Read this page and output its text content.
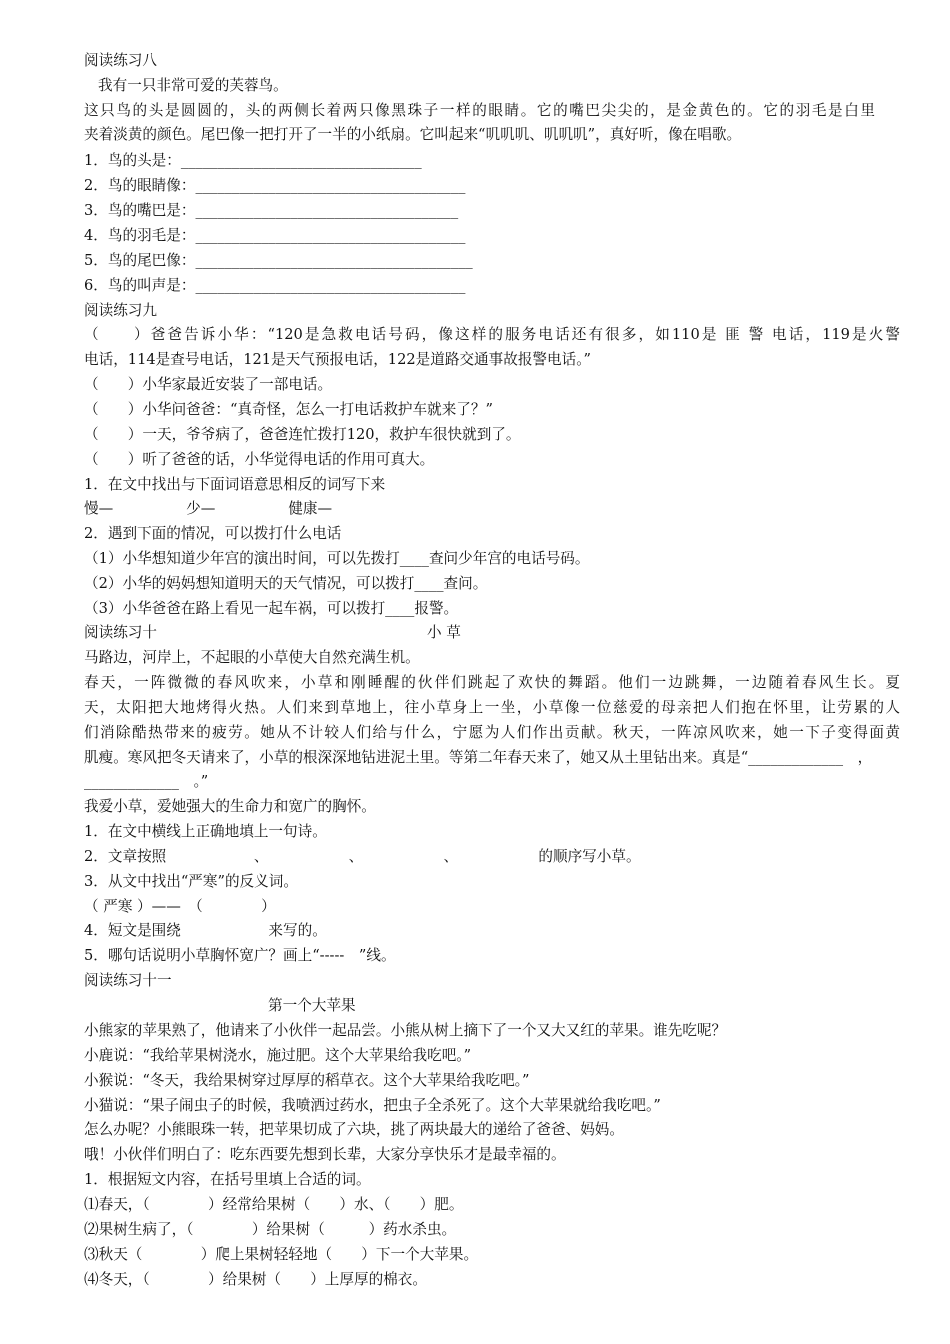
阅读练习八
我有一只非常可爱的芙蓉鸟。
这只鸟的头是圆圆的，头的两侧长着两只像黑珠子一样的眼睛。它的嘴巴尖尖的，是金黄色的。它的羽毛是白里
夹着淡黄的颜色。尾巴像一把打开了一半的小纸扇。它叫起来“叽叽叽、叽叽叽”，真好听，像在唱歌。
1．鸟的头是：_________________________________
2．鸟的眼睛像：_____________________________________
3．鸟的嘴巴是：____________________________________
4．鸟的羽毛是：_____________________________________
5．鸟的尾巴像：______________________________________
6．鸟的叫声是：_____________________________________
阅读练习九
（　　）爸爸告诉小华：“120是急救电话号码，像这样的服务电话还有很多，如110是 匪 警 电话，119是火警
电话，114是查号电话，121是天气预报电话，122是道路交通事故报警电话。”
（　　）小华家最近安装了一部电话。
（　　）小华问爸爸：“真奇怪，怎么一打电话救护车就来了？”
（　　）一天，爷爷病了，爸爸连忙拨打120，救护车很快就到了。
（　　）听了爸爸的话，小华觉得电话的作用可真大。
1．在文中找出与下面词语意思相反的词写下来
慢—　　　　　少—　　　　　健康—
2．遇到下面的情况，可以拨打什么电话
（1）小华想知道少年宫的演出时间，可以先拨打____查问少年宫的电话号码。
（2）小华的妈妈想知道明天的天气情况，可以拨打____查问。
（3）小华爸爸在路上看见一起车祸，可以拨打____报警。
阅读练习十	小 草
马路边，河岸上，不起眼的小草使大自然充满生机。
春天，一阵微微的春风吹来，小草和刚睡醒的伙伴们跳起了欢快的舞蹈。他们一边跳舞，一边随着春风生长。夏
天，太阳把大地烤得火热。人们来到草地上，往小草身上一坐，小草像一位慈爱的母亲把人们抱在怀里，让劳累的人
们消除酷热带来的疲劳。她从不计较人们给与什么，宁愿为人们作出贡献。秋天，一阵凉风吹来，她一下子变得面黄
肌瘦。寒风把冬天请来了，小草的根深深地钻进泥土里。等第二年春天来了，她又从土里钻出来。真是“_____________　，
_____________　。”
我爱小草，爱她强大的生命力和宽广的胸怀。
1．在文中横线上正确地填上一句诗。
2．文章按照　　　　　　、　　　　　　、　　　　　　、　　　　　　的顺序写小草。
3．从文中找出“严寒”的反义词。
（ 严寒 ）——　（　　　　）
4．短文是围绕　　　　　　来写的。
5．哪句话说明小草胸怀宽广？画上“-----　”线。
阅读练习十一
第一个大苹果
小熊家的苹果熟了，他请来了小伙伴一起品尝。小熊从树上摘下了一个又大又红的苹果。谁先吃呢？
小鹿说：“我给苹果树浇水，施过肥。这个大苹果给我吃吧。”
小猴说：“冬天，我给果树穿过厚厚的稻草衣。这个大苹果给我吃吧。”
小猫说：“果子闹虫子的时候，我喷洒过药水，把虫子全杀死了。这个大苹果就给我吃吧。”
怎么办呢？小熊眼珠一转，把苹果切成了六块，挑了两块最大的递给了爸爸、妈妈。
哦！小伙伴们明白了：吃东西要先想到长辈，大家分享快乐才是最幸福的。
1．根据短文内容，在括号里填上合适的词。
⑴春天，（　　　　）经常给果树（　　）水、（　　）肥。
⑵果树生病了，（　　　　）给果树（　　　）药水杀虫。
⑶秋天（　　　　）爬上果树轻轻地（　　）下一个大苹果。
⑷冬天，（　　　　）给果树（　　）上厚厚的棉衣。
